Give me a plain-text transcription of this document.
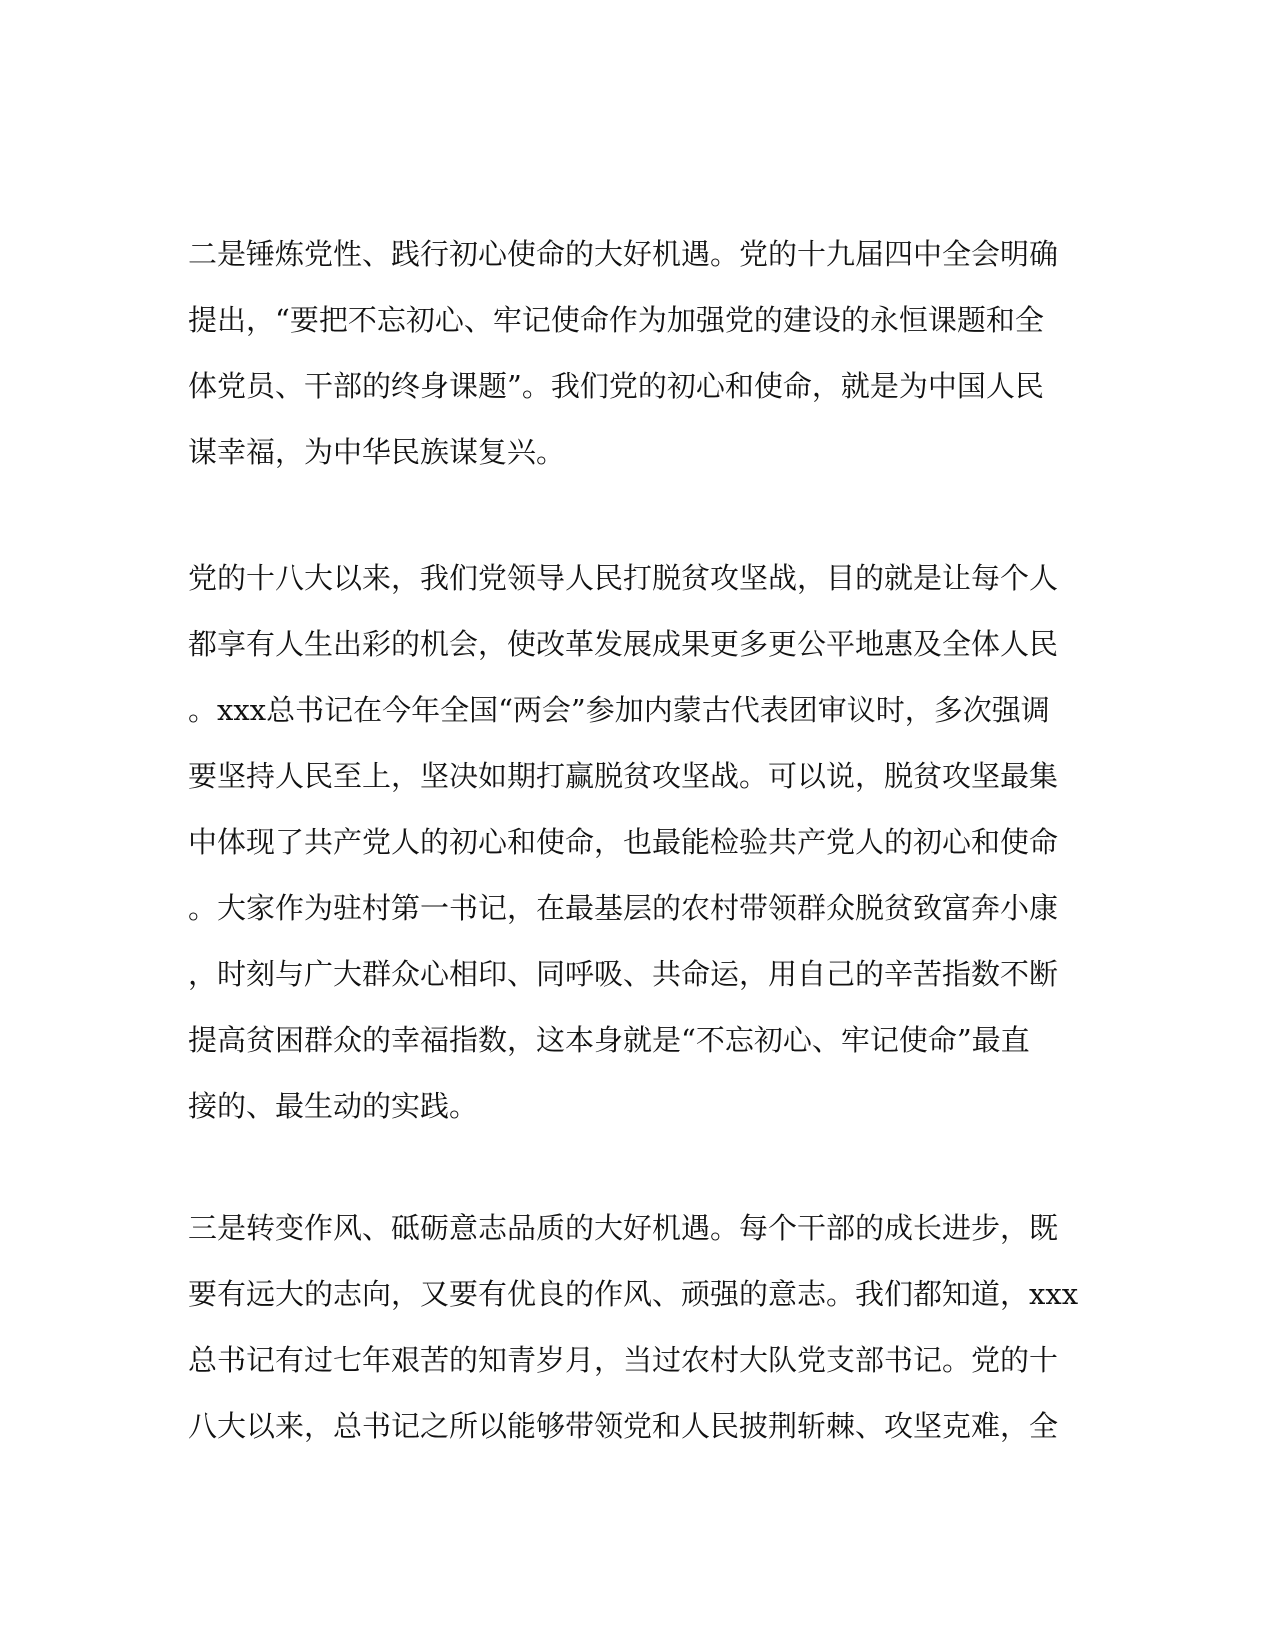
二是锤炼党性、践行初心使命的大好机遇。党的十九届四中全会明确
提出，“要把不忘初心、牢记使命作为加强党的建设的永恒课题和全
体党员、干部的终身课题”。我们党的初心和使命，就是为中国人民
谋幸福，为中华民族谋复兴。
党的十八大以来，我们党领导人民打脱贫攻坚战，目的就是让每个人
都享有人生出彩的机会，使改革发展成果更多更公平地惠及全体人民
。xxx总书记在今年全国“两会”参加内蒙古代表团审议时，多次强调
要坚持人民至上，坚决如期打赢脱贫攻坚战。可以说，脱贫攻坚最集
中体现了共产党人的初心和使命，也最能检验共产党人的初心和使命
。大家作为驻村第一书记，在最基层的农村带领群众脱贫致富奔小康
，时刻与广大群众心相印、同呼吸、共命运，用自己的辛苦指数不断
提高贫困群众的幸福指数，这本身就是“不忘初心、牢记使命”最直
接的、最生动的实践。
三是转变作风、砥砺意志品质的大好机遇。每个干部的成长进步，既
要有远大的志向，又要有优良的作风、顽强的意志。我们都知道，xxx
总书记有过七年艰苦的知青岁月，当过农村大队党支部书记。党的十
八大以来，总书记之所以能够带领党和人民披荆斩棘、攻坚克难，全
